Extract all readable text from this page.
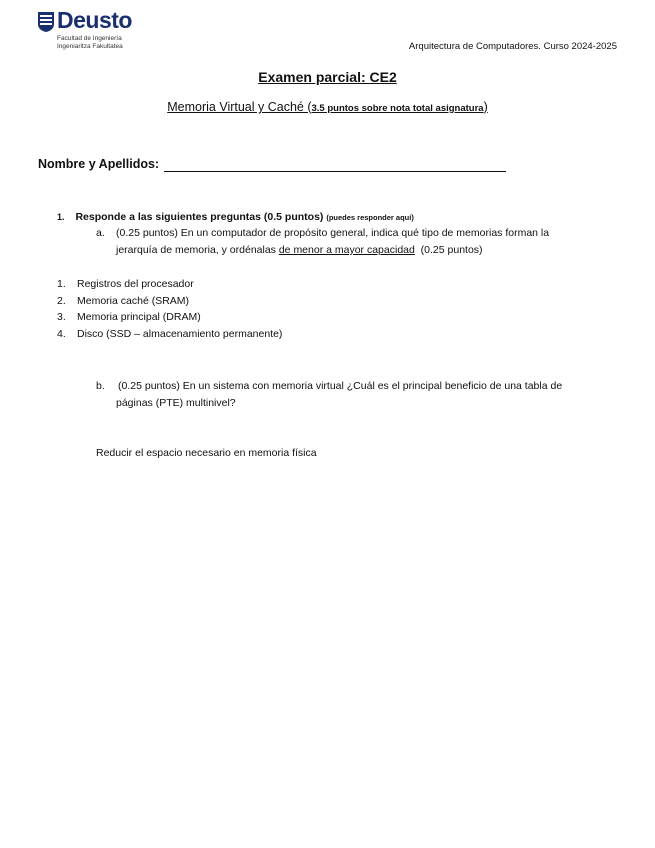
Deusto
Facultad de Ingeniería
Ingeniaritza Fakultatea	Arquitectura de Computadores. Curso 2024-2025
Examen parcial: CE2
Memoria Virtual y Caché (3.5 puntos sobre nota total asignatura)
Nombre y Apellidos:
1. Responde a las siguientes preguntas (0.5 puntos) (puedes responder aquí)
a. (0.25 puntos) En un computador de propósito general, indica qué tipo de memorias forman la
jerarquía de memoria, y ordénalas de menor a mayor capacidad  (0.25 puntos)
1. Registros del procesador
2. Memoria caché (SRAM)
3. Memoria principal (DRAM)
4. Disco (SSD – almacenamiento permanente)
b. (0.25 puntos) En un sistema con memoria virtual ¿Cuál es el principal beneficio de una tabla de
páginas (PTE) multinivel?
Reducir el espacio necesario en memoria física
